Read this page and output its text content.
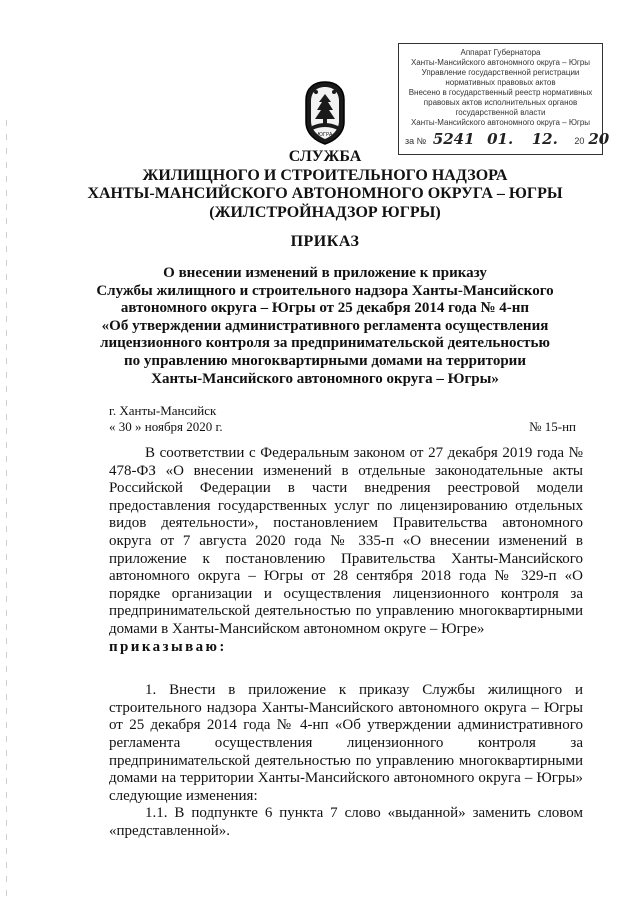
Аппарат Губернатора
Ханты-Мансийского автономного округа – Югры
Управление государственной регистрации
нормативных правовых актов
Внесено в государственный реестр нормативных
правовых актов исполнительных органов
государственной власти
Ханты-Мансийского автономного округа – Югры
за № 5241 01. 12. 20 20
ЮГРА
СЛУЖБА
ЖИЛИЩНОГО И СТРОИТЕЛЬНОГО НАДЗОРА
ХАНТЫ-МАНСИЙСКОГО АВТОНОМНОГО ОКРУГА – ЮГРЫ
(ЖИЛСТРОЙНАДЗОР ЮГРЫ)
ПРИКАЗ
О внесении изменений в приложение к приказу
Службы жилищного и строительного надзора Ханты-Мансийского
автономного округа – Югры от 25 декабря 2014 года № 4-нп
«Об утверждении административного регламента осуществления
лицензионного контроля за предпринимательской деятельностью
по управлению многоквартирными домами на территории
Ханты-Мансийского автономного округа – Югры»
г. Ханты-Мансийск
« 30 » ноября 2020 г.	№ 15-нп

В соответствии с Федеральным законом от 27 декабря 2019 года № 478-ФЗ «О внесении изменений в отдельные законодательные акты Российской Федерации в части внедрения реестровой модели предоставления государственных услуг по лицензированию отдельных видов деятельности», постановлением Правительства автономного округа от 7 августа 2020 года № 335-п «О внесении изменений в приложение к постановлению Правительства Ханты-Мансийского автономного округа – Югры от 28 сентября 2018 года № 329-п «О порядке организации и осуществления лицензионного контроля за предпринимательской деятельностью по управлению многоквартирными домами в Ханты-Мансийском автономном округе – Югре»

приказываю:

1. Внести в приложение к приказу Службы жилищного и строительного надзора Ханты-Мансийского автономного округа – Югры от 25 декабря 2014 года № 4-нп «Об утверждении административного регламента осуществления лицензионного контроля за предпринимательской деятельностью по управлению многоквартирными домами на территории Ханты-Мансийского автономного округа – Югры» следующие изменения:

1.1. В подпункте 6 пункта 7 слово «выданной» заменить словом «представленной».
